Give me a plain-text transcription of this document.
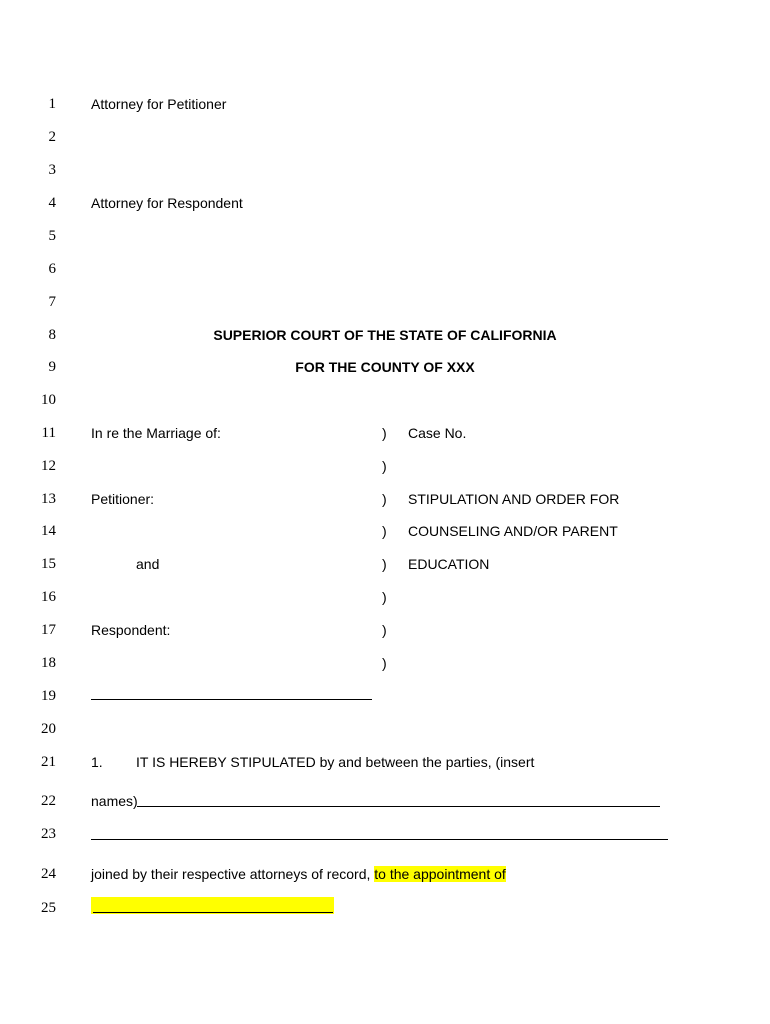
1
2
3
4
5
6
7
8
9
10
11
12
13
14
15
16
17
18
19
20
21
22
23
24
25
Attorney for Petitioner
Attorney for Respondent
SUPERIOR COURT OF THE STATE OF CALIFORNIA
FOR THE COUNTY OF XXX
In re the Marriage of:
Petitioner:
and
Respondent:
)
)
)
)
)
)
)
)
Case No.
STIPULATION AND ORDER FOR
COUNSELING AND/OR PARENT
EDUCATION
1. IT IS HEREBY STIPULATED by and between the parties, (insert
names)
joined by their respective attorneys of record, to the appointment of
